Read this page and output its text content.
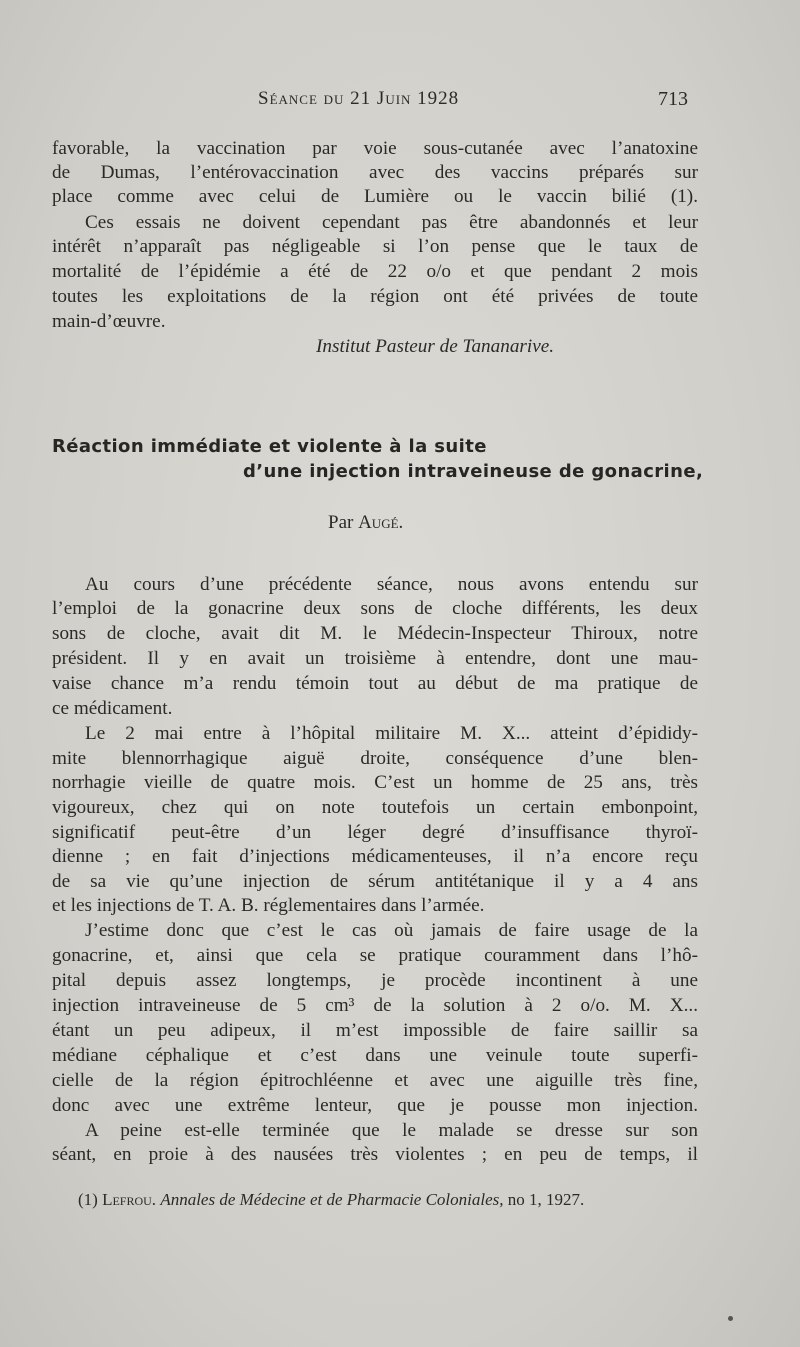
Séance du 21 Juin 1928	713
favorable, la vaccination par voie sous-cutanée avec l’anatoxine
de Dumas, l’entérovaccination avec des vaccins préparés sur
place comme avec celui de Lumière ou le vaccin bilié (1).
Ces essais ne doivent cependant pas être abandonnés et leur
intérêt n’apparaît pas négligeable si l’on pense que le taux de
mortalité de l’épidémie a été de 22 o/o et que pendant 2 mois
toutes les exploitations de la région ont été privées de toute
main-d’œuvre.
Institut Pasteur de Tananarive.
Réaction immédiate et violente à la suite
d’une injection intraveineuse de gonacrine,
Par Augé.
Au cours d’une précédente séance, nous avons entendu sur
l’emploi de la gonacrine deux sons de cloche différents, les deux
sons de cloche, avait dit M. le Médecin-Inspecteur Thiroux, notre
président. Il y en avait un troisième à entendre, dont une mau-
vaise chance m’a rendu témoin tout au début de ma pratique de
ce médicament.
Le 2 mai entre à l’hôpital militaire M. X... atteint d’épididy-
mite blennorrhagique aiguë droite, conséquence d’une blen-
norrhagie vieille de quatre mois. C’est un homme de 25 ans, très
vigoureux, chez qui on note toutefois un certain embonpoint,
significatif peut-être d’un léger degré d’insuffisance thyroï-
dienne ; en fait d’injections médicamenteuses, il n’a encore reçu
de sa vie qu’une injection de sérum antitétanique il y a 4 ans
et les injections de T. A. B. réglementaires dans l’armée.
J’estime donc que c’est le cas où jamais de faire usage de la
gonacrine, et, ainsi que cela se pratique couramment dans l’hô-
pital depuis assez longtemps, je procède incontinent à une
injection intraveineuse de 5 cm³ de la solution à 2 o/o. M. X...
étant un peu adipeux, il m’est impossible de faire saillir sa
médiane céphalique et c’est dans une veinule toute superfi-
cielle de la région épitrochléenne et avec une aiguille très fine,
donc avec une extrême lenteur, que je pousse mon injection.
A peine est-elle terminée que le malade se dresse sur son
séant, en proie à des nausées très violentes ; en peu de temps, il
(1) Lefrou. Annales de Médecine et de Pharmacie Coloniales, no 1, 1927.
